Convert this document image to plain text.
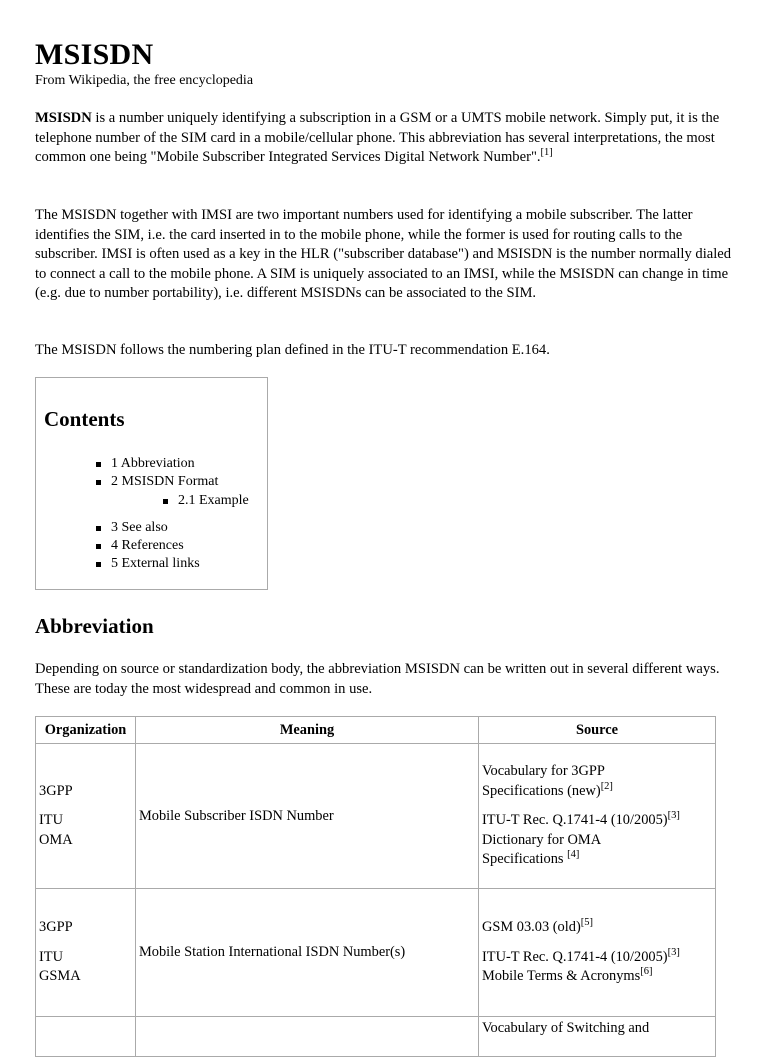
MSISDN
From Wikipedia, the free encyclopedia

MSISDN is a number uniquely identifying a subscription in a GSM or a UMTS mobile network. Simply put, it is the telephone number of the SIM card in a mobile/cellular phone. This abbreviation has several interpretations, the most common one being "Mobile Subscriber Integrated Services Digital Network Number".[1]

The MSISDN together with IMSI are two important numbers used for identifying a mobile subscriber. The latter identifies the SIM, i.e. the card inserted in to the mobile phone, while the former is used for routing calls to the subscriber. IMSI is often used as a key in the HLR ("subscriber database") and MSISDN is the number normally dialed to connect a call to the mobile phone. A SIM is uniquely associated to an IMSI, while the MSISDN can change in time (e.g. due to number portability), i.e. different MSISDNs can be associated to the SIM.

The MSISDN follows the numbering plan defined in the ITU-T recommendation E.164.

Contents
1 Abbreviation
2 MSISDN Format
2.1 Example
3 See also
4 References
5 External links
Abbreviation

Depending on source or standardization body, the abbreviation MSISDN can be written out in several different ways. These are today the most widespread and common in use.

Organization	Meaning	Source

3GPP
ITU
OMA	Mobile Subscriber ISDN Number	Vocabulary for 3GPP
Specifications (new)[2]
ITU-T Rec. Q.1741-4 (10/2005)[3]
Dictionary for OMA
Specifications [4]

3GPP
ITU
GSMA	Mobile Station International ISDN Number(s)	GSM 03.03 (old)[5]
ITU-T Rec. Q.1741-4 (10/2005)[3]
Mobile Terms & Acronyms[6]

		Vocabulary of Switching and
